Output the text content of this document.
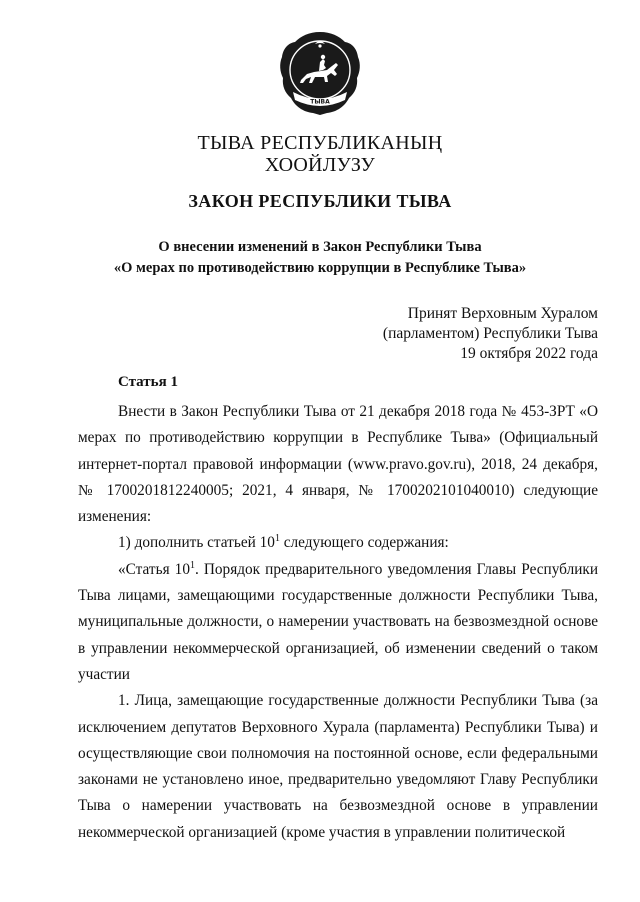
ТЫВА
ТЫВА РЕСПУБЛИКАНЫҢ
ХООЙЛУЗУ
ЗАКОН РЕСПУБЛИКИ ТЫВА
О внесении изменений в Закон Республики Тыва
«О мерах по противодействию коррупции в Республике Тыва»
Принят Верховным Хуралом
(парламентом) Республики Тыва
19 октября 2022 года
Статья 1

Внести в Закон Республики Тыва от 21 декабря 2018 года № 453-ЗРТ «О мерах по противодействию коррупции в Республике Тыва» (Официальный интернет-портал правовой информации (www.pravo.gov.ru), 2018, 24 декабря, № 1700201812240005; 2021, 4 января, № 1700202101040010) следующие изменения:

1) дополнить статьей $10^1$ следующего содержания:

«Статья $10^1$. Порядок предварительного уведомления Главы Республики Тыва лицами, замещающими государственные должности Республики Тыва, муниципальные должности, о намерении участвовать на безвозмездной основе в управлении некоммерческой организацией, об изменении сведений о таком участии

1. Лица, замещающие государственные должности Республики Тыва (за исключением депутатов Верховного Хурала (парламента) Республики Тыва) и осуществляющие свои полномочия на постоянной основе, если федеральными законами не установлено иное, предварительно уведомляют Главу Республики Тыва о намерении участвовать на безвозмездной основе в управлении некоммерческой организацией (кроме участия в управлении политической
